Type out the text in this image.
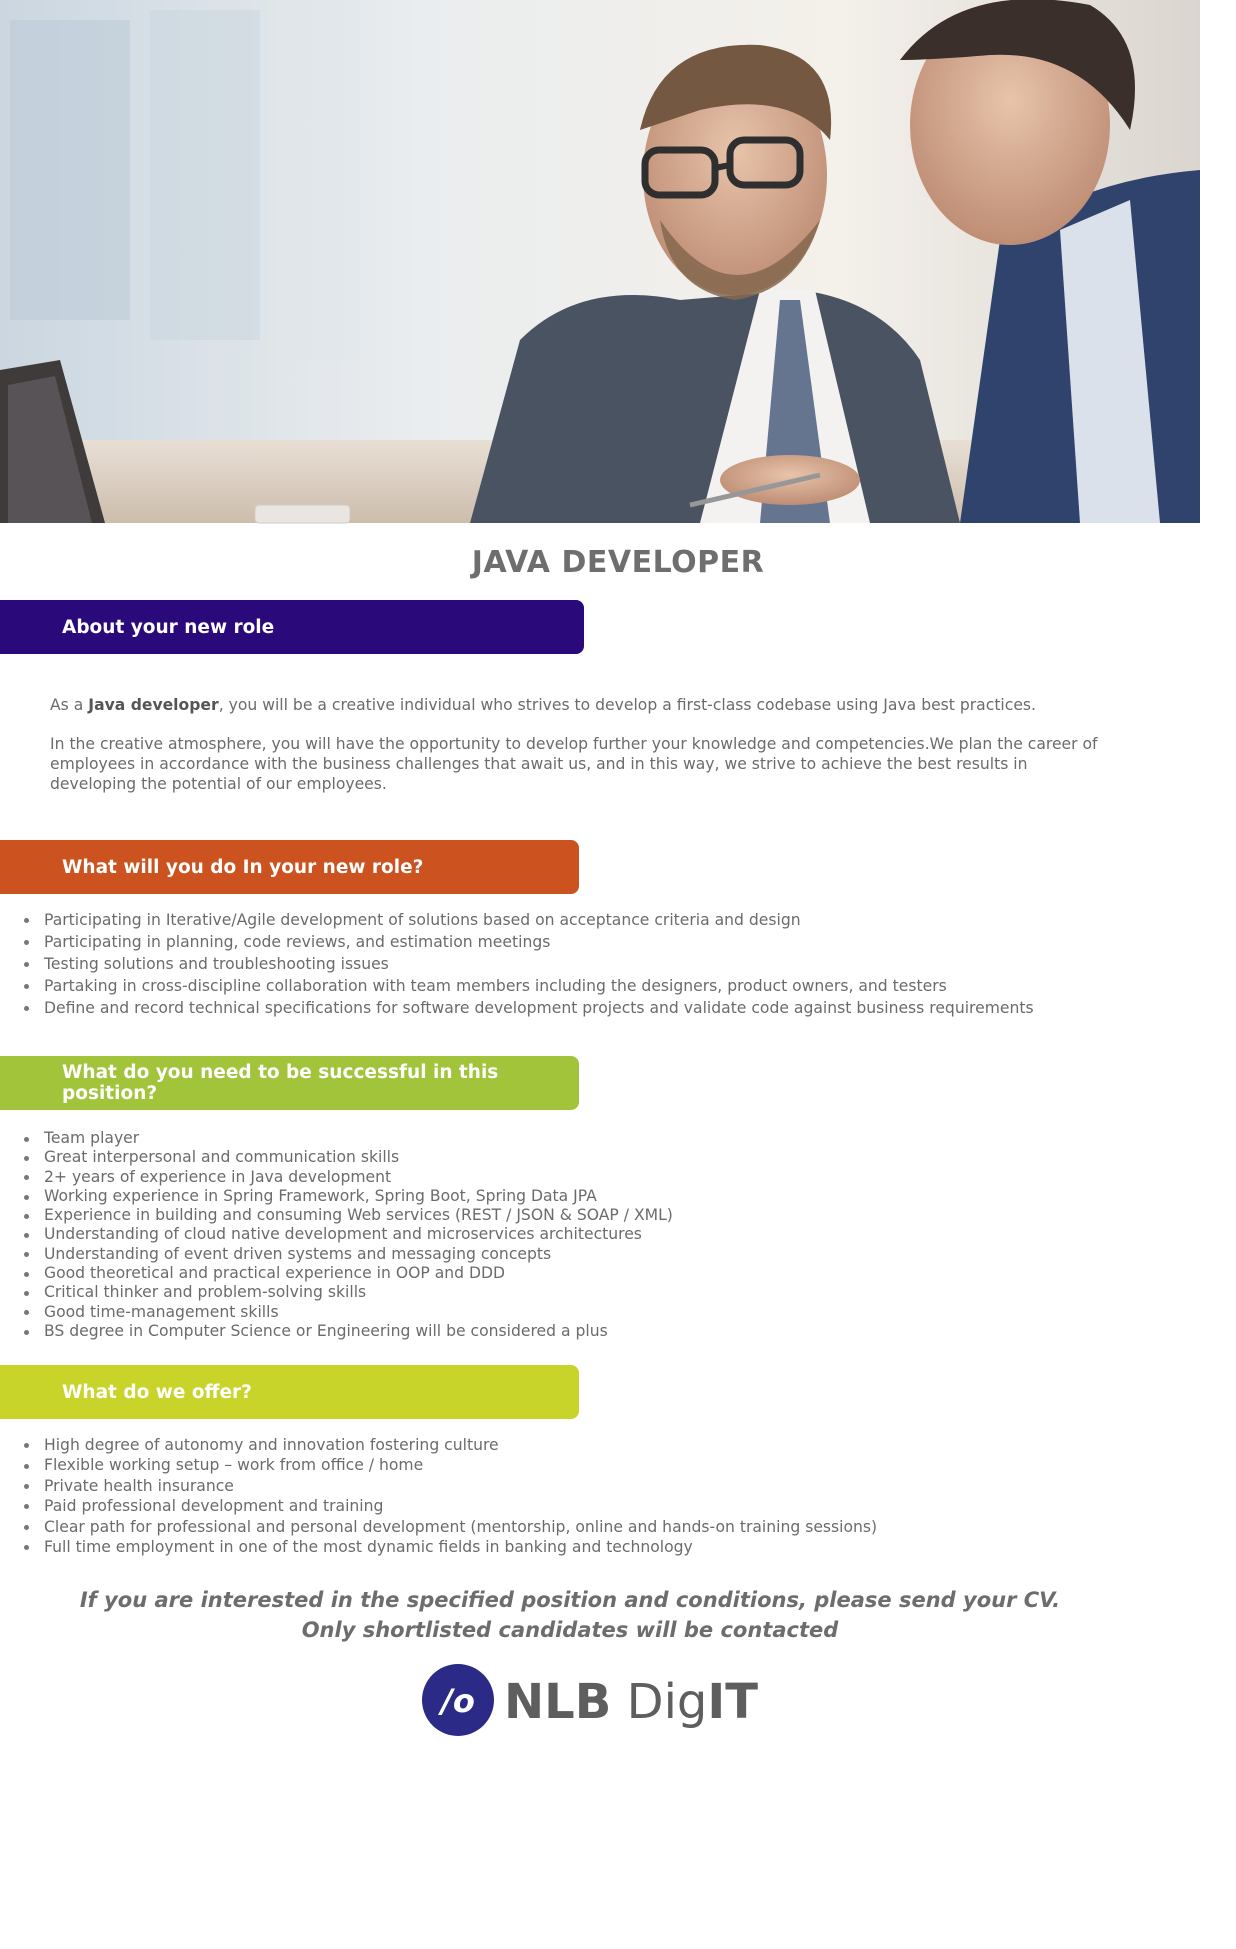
JAVA DEVELOPER
About your new role

As a Java developer, you will be a creative individual who strives to develop a first-class codebase using Java best practices.

In the creative atmosphere, you will have the opportunity to develop further your knowledge and competencies.We plan the career of employees in accordance with the business challenges that await us, and in this way, we strive to achieve the best results in developing the potential of our employees.

What will you do In your new role?
Participating in Iterative/Agile development of solutions based on acceptance criteria and design
Participating in planning, code reviews, and estimation meetings
Testing solutions and troubleshooting issues
Partaking in cross-discipline collaboration with team members including the designers, product owners, and testers
Define and record technical specifications for software development projects and validate code against business requirements
What do you need to be successful in this position?
Team player
Great interpersonal and communication skills
2+ years of experience in Java development
Working experience in Spring Framework, Spring Boot, Spring Data JPA
Experience in building and consuming Web services (REST / JSON & SOAP / XML)
Understanding of cloud native development and microservices architectures
Understanding of event driven systems and messaging concepts
Good theoretical and practical experience in OOP and DDD
Critical thinker and problem-solving skills
Good time-management skills
BS degree in Computer Science or Engineering will be considered a plus
What do we offer?
High degree of autonomy and innovation fostering culture
Flexible working setup – work from office / home
Private health insurance
Paid professional development and training
Clear path for professional and personal development (mentorship, online and hands-on training sessions)
Full time employment in one of the most dynamic fields in banking and technology

If you are interested in the specified position and conditions, please send your CV.

Only shortlisted candidates will be contacted

/o NLB DigIT
